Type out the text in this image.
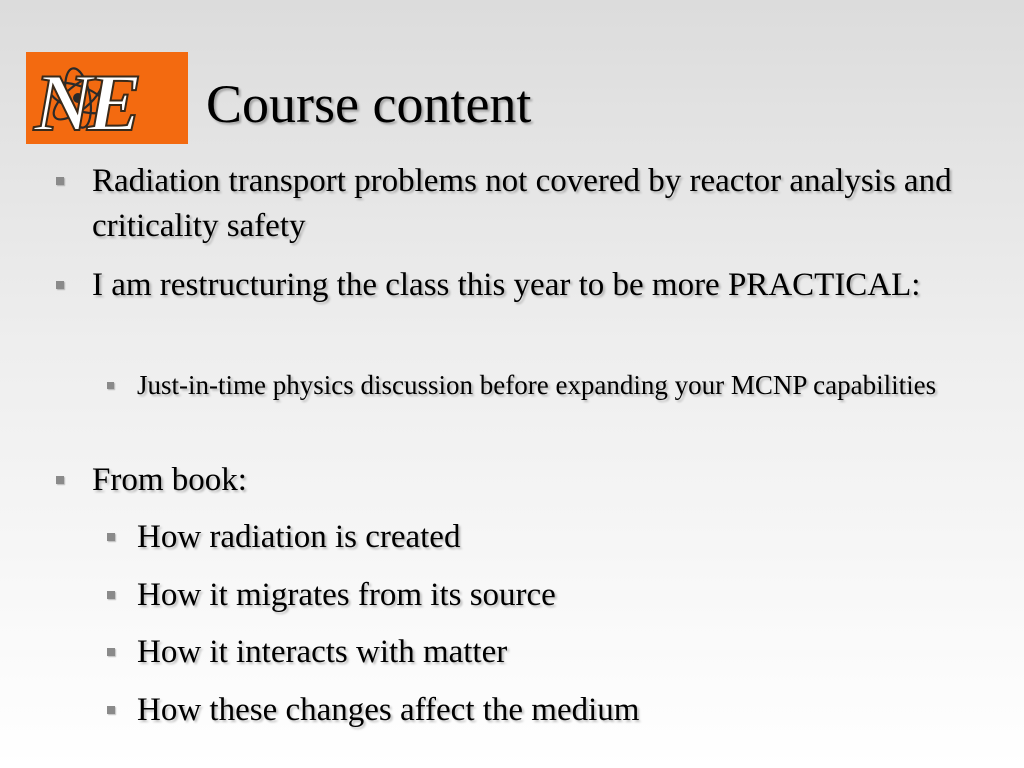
NE Course content
Radiation transport problems not covered by reactor analysis and criticality safety
I am restructuring the class this year to be more PRACTICAL:
Just-in-time physics discussion before expanding your MCNP capabilities
From book:
How radiation is created
How it migrates from its source
How it interacts with matter
How these changes affect the medium
